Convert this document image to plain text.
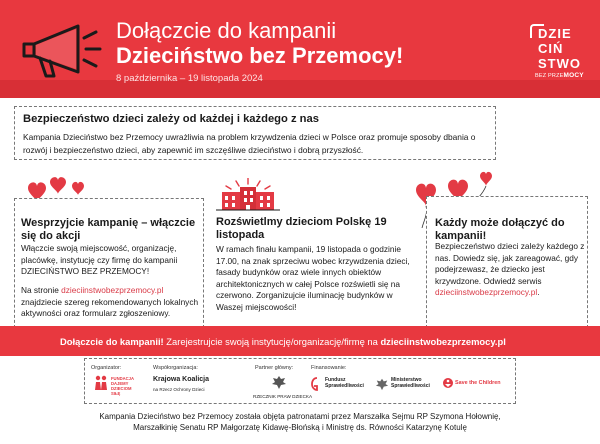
Dołączcie do kampanii
Dzieciństwo bez Przemocy!
8 października – 19 listopada 2024
DZIE
CIŃ
STWO
BEZ PRZEMOCY
Bezpieczeństwo dzieci zależy od każdej i każdego z nas

Kampania Dzieciństwo bez Przemocy uwrażliwia na problem krzywdzenia dzieci w Polsce oraz promuje sposoby dbania o rozwój i bezpieczeństwo dzieci, aby zapewnić im szczęśliwe dzieciństwo i dobrą przyszłość.

Wesprzyjcie kampanię – włączcie się do akcji

Włączcie swoją miejscowość, organizację, placówkę, instytucję czy firmę do kampanii DZIECIŃSTWO BEZ PRZEMOCY!

Na stronie dzieciinstwobezprzemocy.pl znajdziecie szereg rekomendowanych lokalnych aktywności oraz formularz zgłoszeniowy.

Rozświetlmy dzieciom Polskę 19 listopada

W ramach finału kampanii, 19 listopada o godzinie 17.00, na znak sprzeciwu wobec krzywdzenia dzieci, fasady budynków oraz wiele innych obiektów architektonicznych w całej Polsce rozświetli się na czerwono. Zorganizujcie iluminację budynków w Waszej miejscowości!

Każdy może dołączyć do kampanii!

Bezpieczeństwo dzieci zależy każdego z nas. Dowiedz się, jak zareagować, gdy podejrzewasz, że dziecko jest krzywdzone. Odwiedź serwis dzieciinstwobezprzemocy.pl.

Dołączcie do kampanii! Zarejestrujcie swoją instytucję/organizację/firmę na dzieciinstwobezprzemocy.pl
Organizator:
FUNDACJA DAJEMY DZIECIOM SIŁĘ
Współorganizacja:
Krajowa Koalicja
na Rzecz Ochrony Dzieci
Partner główny:
RZECZNIK PRAW DZIECKA
Finansowanie:
Fundusz
Sprawiedliwości
Ministerstwo
Sprawiedliwości	Save the Children

Kampania Dzieciństwo bez Przemocy została objęta patronatami przez Marszałka Sejmu RP Szymona Hołownię, Marszałkinię Senatu RP Małgorzatę Kidawę-Błońską i Ministrę ds. Równości Katarzynę Kotulę
